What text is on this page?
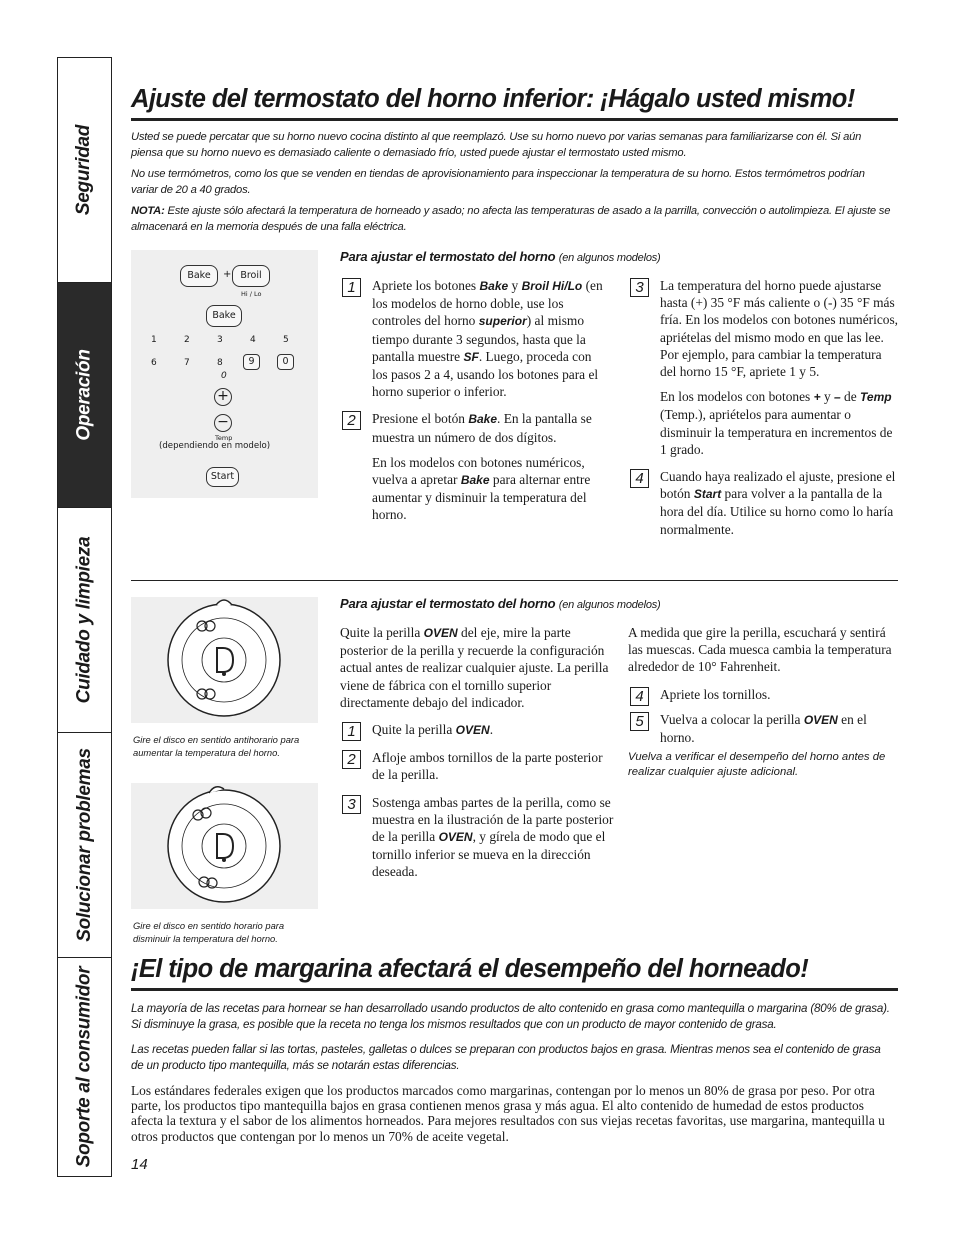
Seguridad
Operación
Cuidado y limpieza
Solucionar problemas
Soporte al consumidor
Ajuste del termostato del horno inferior: ¡Hágalo usted mismo!

Usted se puede percatar que su horno nuevo cocina distinto al que reemplazó. Use su horno nuevo por varias semanas para familiarizarse con él. Si aún piensa que su horno nuevo es demasiado caliente o demasiado frío, usted puede ajustar el termostato usted mismo.

No use termómetros, como los que se venden en tiendas de aprovisionamiento para inspeccionar la temperatura de su horno. Estos termómetros podrían variar de 20 a 40 grados.

NOTA: Este ajuste sólo afectará la temperatura de horneado y asado; no afecta las temperaturas de asado a la parrilla, convección o autolimpieza. El ajuste se almacenará en la memoria después de una falla eléctrica.

Bake	+ Broil
Hi / Lo
Bake
1	2	3	4	5
6	7	8	9	0
0
+
−
Temp
(dependiendo en modelo)
Start
Para ajustar el termostato del horno (en algunos modelos)
1	Apriete los botones Bake y Broil Hi/Lo (en los modelos de horno doble, use los controles del horno superior) al mismo tiempo durante 3 segundos, hasta que la pantalla muestre SF. Luego, proceda con los pasos 2 a 4, usando los botones para el horno superior o inferior.
2	Presione el botón Bake. En la pantalla se muestra un número de dos dígitos.
En los modelos con botones numéricos, vuelva a apretar Bake para alternar entre aumentar y disminuir la temperatura del horno.
3	La temperatura del horno puede ajustarse hasta (+) 35 °F más caliente o (-) 35 °F más fría. En los modelos con botones numéricos, apriételas del mismo modo en que las lee. Por ejemplo, para cambiar la temperatura del horno 15 °F, apriete 1 y 5.
En los modelos con botones + y – de Temp (Temp.), apriételos para aumentar o disminuir la temperatura en incrementos de 1 grado.
4	Cuando haya realizado el ajuste, presione el botón Start para volver a la pantalla de la hora del día. Utilice su horno como lo haría normalmente.
Gire el disco en sentido antihorario para aumentar la temperatura del horno.
Gire el disco en sentido horario para disminuir la temperatura del horno.
Para ajustar el termostato del horno (en algunos modelos)
Quite la perilla OVEN del eje, mire la parte posterior de la perilla y recuerde la configuración actual antes de realizar cualquier ajuste. La perilla viene de fábrica con el tornillo superior directamente debajo del indicador.
1	Quite la perilla OVEN.
2	Afloje ambos tornillos de la parte posterior de la perilla.
3	Sostenga ambas partes de la perilla, como se muestra en la ilustración de la parte posterior de la perilla OVEN, y gírela de modo que el tornillo inferior se mueva en la dirección deseada.
A medida que gire la perilla, escuchará y sentirá las muescas. Cada muesca cambia la temperatura alrededor de 10° Fahrenheit.
4	Apriete los tornillos.
5	Vuelva a colocar la perilla OVEN en el horno.
Vuelva a verificar el desempeño del horno antes de realizar cualquier ajuste adicional.
¡El tipo de margarina afectará el desempeño del horneado!
La mayoría de las recetas para hornear se han desarrollado usando productos de alto contenido en grasa como mantequilla o margarina (80% de grasa). Si disminuye la grasa, es posible que la receta no tenga los mismos resultados que con un producto de mayor contenido de grasa.
Las recetas pueden fallar si las tortas, pasteles, galletas o dulces se preparan con productos bajos en grasa. Mientras menos sea el contenido de grasa de un producto tipo mantequilla, más se notarán estas diferencias.
Los estándares federales exigen que los productos marcados como margarinas, contengan por lo menos un 80% de grasa por peso. Por otra parte, los productos tipo mantequilla bajos en grasa contienen menos grasa y más agua. El alto contenido de humedad de estos productos afecta la textura y el sabor de los alimentos horneados. Para mejores resultados con sus viejas recetas favoritas, use margarina, mantequilla u otros productos que contengan por lo menos un 70% de aceite vegetal.
14
